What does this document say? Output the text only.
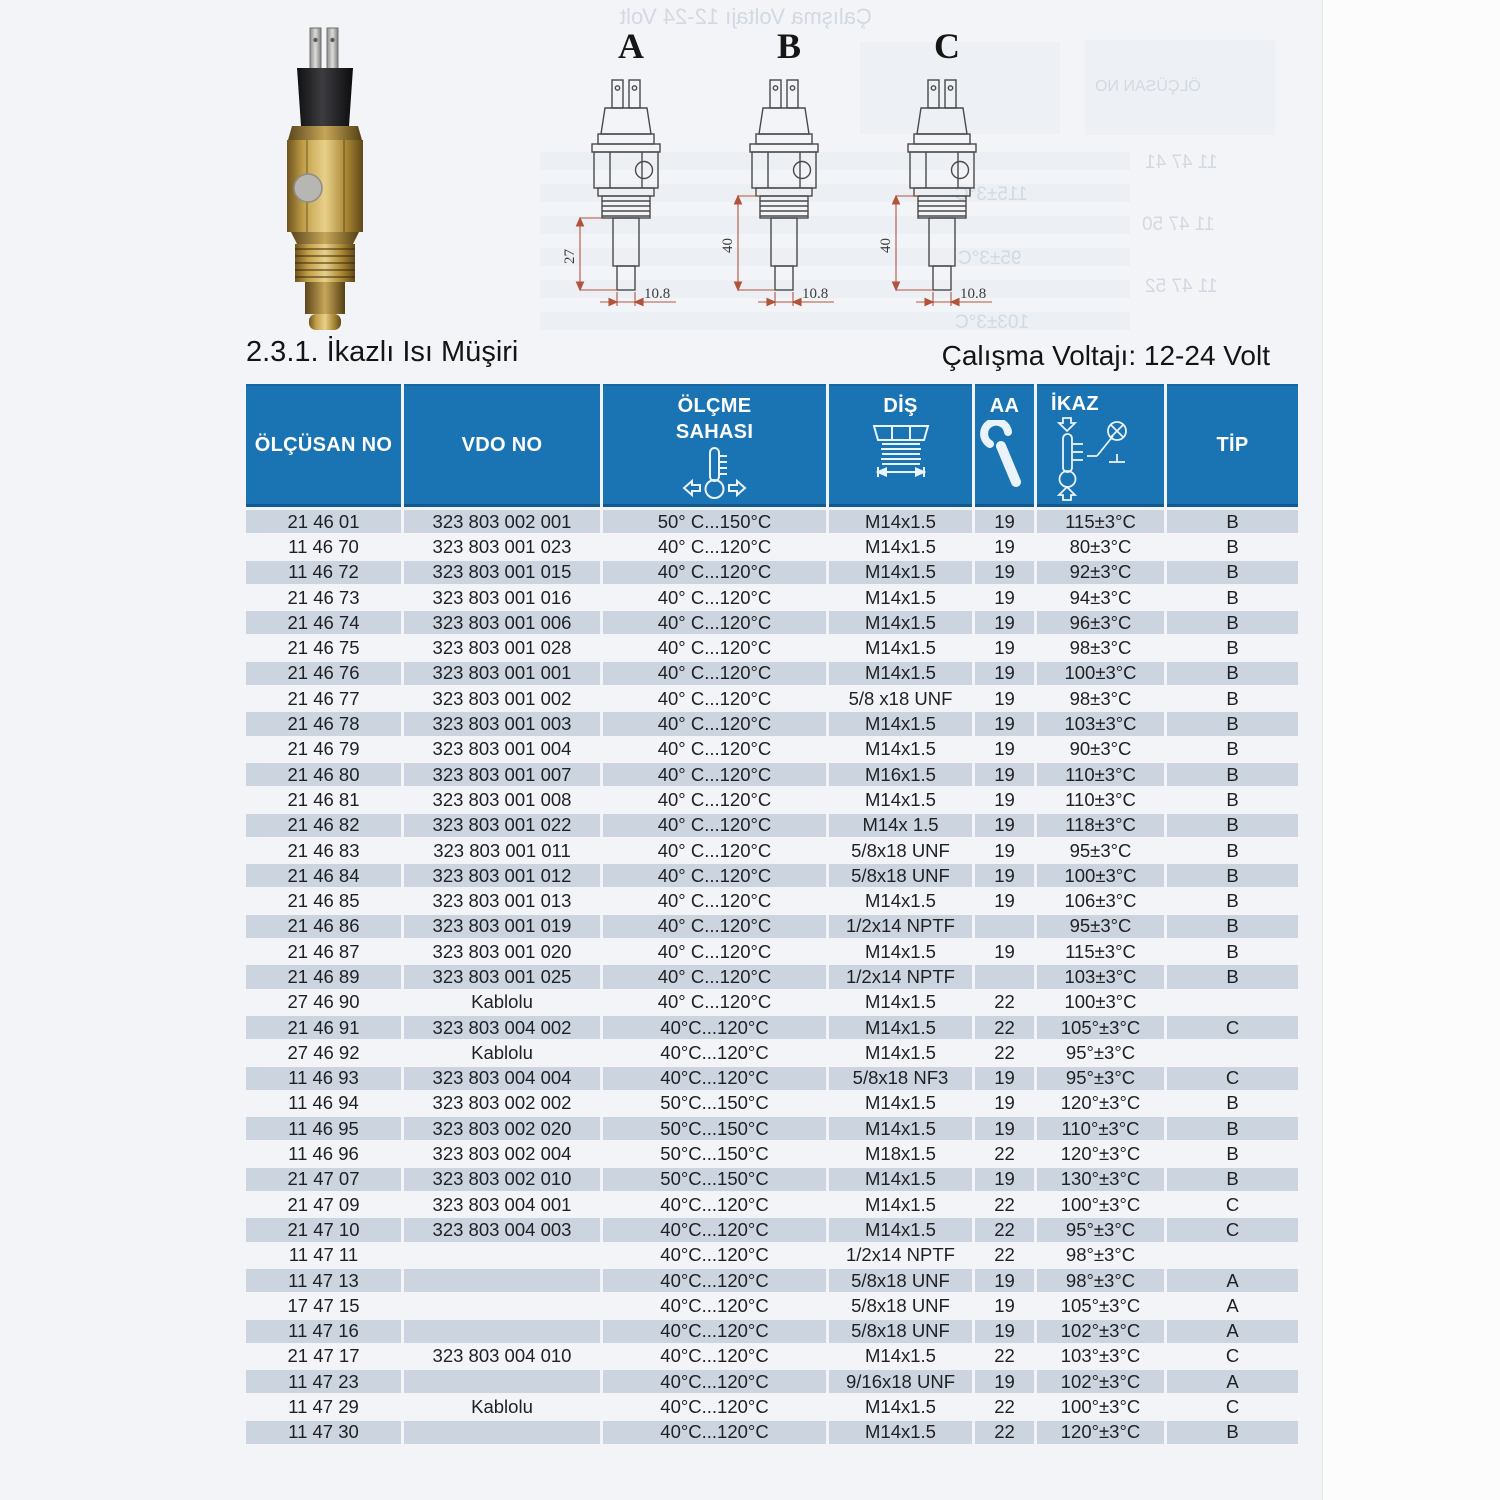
Çalışma Voltajı 12-24 Volt
ÖLÇÜSAN NO
11 47 41
11 47 50
11 47 52
115±3°C
95±3°C
103±3°C
A
27
10.8
B
40
10.8
C
40
10.8
2.3.1. İkazlı Isı Müşiri	Çalışma Voltajı: 12-24 Volt
ÖLÇÜSAN NO	VDO NO	ÖLÇME
SAHASI	DİŞ	AA	İKAZ	TİP
21 46 01	323 803 002 001	50° C...150°C	M14x1.5	19	115±3°C	B
11 46 70	323 803 001 023	40° C...120°C	M14x1.5	19	80±3°C	B
11 46 72	323 803 001 015	40° C...120°C	M14x1.5	19	92±3°C	B
21 46 73	323 803 001 016	40° C...120°C	M14x1.5	19	94±3°C	B
21 46 74	323 803 001 006	40° C...120°C	M14x1.5	19	96±3°C	B
21 46 75	323 803 001 028	40° C...120°C	M14x1.5	19	98±3°C	B
21 46 76	323 803 001 001	40° C...120°C	M14x1.5	19	100±3°C	B
21 46 77	323 803 001 002	40° C...120°C	5/8 x18 UNF	19	98±3°C	B
21 46 78	323 803 001 003	40° C...120°C	M14x1.5	19	103±3°C	B
21 46 79	323 803 001 004	40° C...120°C	M14x1.5	19	90±3°C	B
21 46 80	323 803 001 007	40° C...120°C	M16x1.5	19	110±3°C	B
21 46 81	323 803 001 008	40° C...120°C	M14x1.5	19	110±3°C	B
21 46 82	323 803 001 022	40° C...120°C	M14x 1.5	19	118±3°C	B
21 46 83	323 803 001 011	40° C...120°C	5/8x18 UNF	19	95±3°C	B
21 46 84	323 803 001 012	40° C...120°C	5/8x18 UNF	19	100±3°C	B
21 46 85	323 803 001 013	40° C...120°C	M14x1.5	19	106±3°C	B
21 46 86	323 803 001 019	40° C...120°C	1/2x14 NPTF		95±3°C	B
21 46 87	323 803 001 020	40° C...120°C	M14x1.5	19	115±3°C	B
21 46 89	323 803 001 025	40° C...120°C	1/2x14 NPTF		103±3°C	B
27 46 90	Kablolu	40° C...120°C	M14x1.5	22	100±3°C	
21 46 91	323 803 004 002	40°C...120°C	M14x1.5	22	105°±3°C	C
27 46 92	Kablolu	40°C...120°C	M14x1.5	22	95°±3°C	
11 46 93	323 803 004 004	40°C...120°C	5/8x18 NF3	19	95°±3°C	C
11 46 94	323 803 002 002	50°C...150°C	M14x1.5	19	120°±3°C	B
11 46 95	323 803 002 020	50°C...150°C	M14x1.5	19	110°±3°C	B
11 46 96	323 803 002 004	50°C...150°C	M18x1.5	22	120°±3°C	B
21 47 07	323 803 002 010	50°C...150°C	M14x1.5	19	130°±3°C	B
21 47 09	323 803 004 001	40°C...120°C	M14x1.5	22	100°±3°C	C
21 47 10	323 803 004 003	40°C...120°C	M14x1.5	22	95°±3°C	C
11 47 11		40°C...120°C	1/2x14 NPTF	22	98°±3°C	
11 47 13		40°C...120°C	5/8x18 UNF	19	98°±3°C	A
17 47 15		40°C...120°C	5/8x18 UNF	19	105°±3°C	A
11 47 16		40°C...120°C	5/8x18 UNF	19	102°±3°C	A
21 47 17	323 803 004 010	40°C...120°C	M14x1.5	22	103°±3°C	C
11 47 23		40°C...120°C	9/16x18 UNF	19	102°±3°C	A
11 47 29	Kablolu	40°C...120°C	M14x1.5	22	100°±3°C	C
11 47 30		40°C...120°C	M14x1.5	22	120°±3°C	B
